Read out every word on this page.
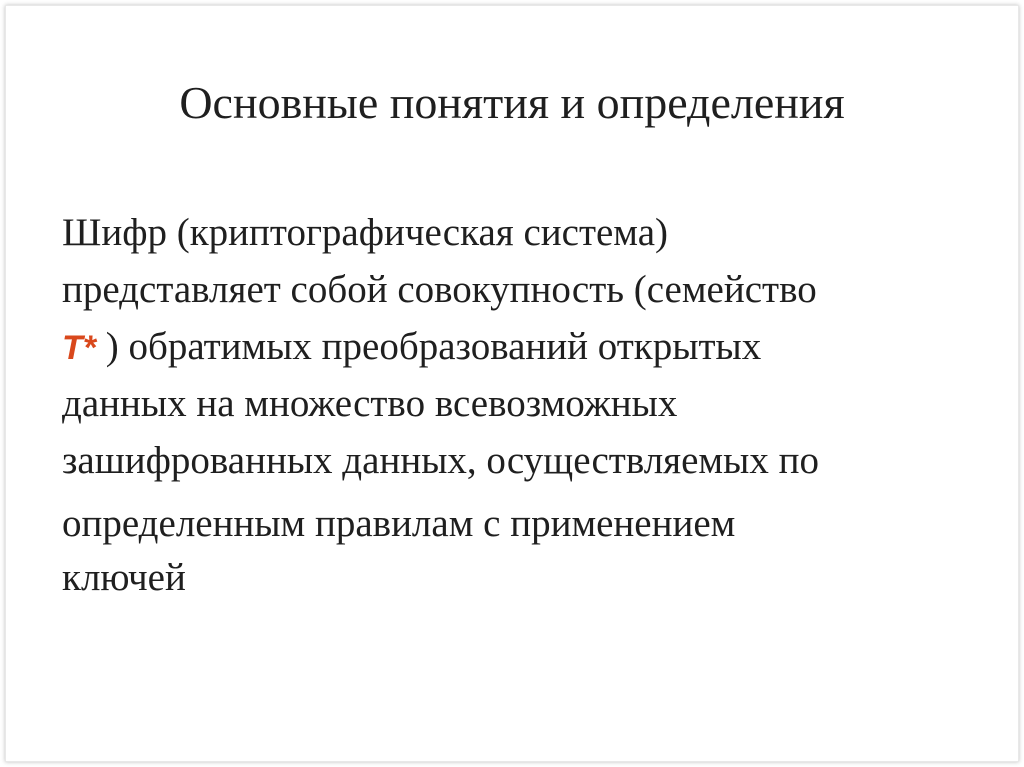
Основные понятия и определения
Шифр (криптографическая система)
представляет собой совокупность (семейство
T* ) обратимых преобразований открытых
данных на множество всевозможных
зашифрованных данных, осуществляемых по
определенным правилам с применением
ключей
